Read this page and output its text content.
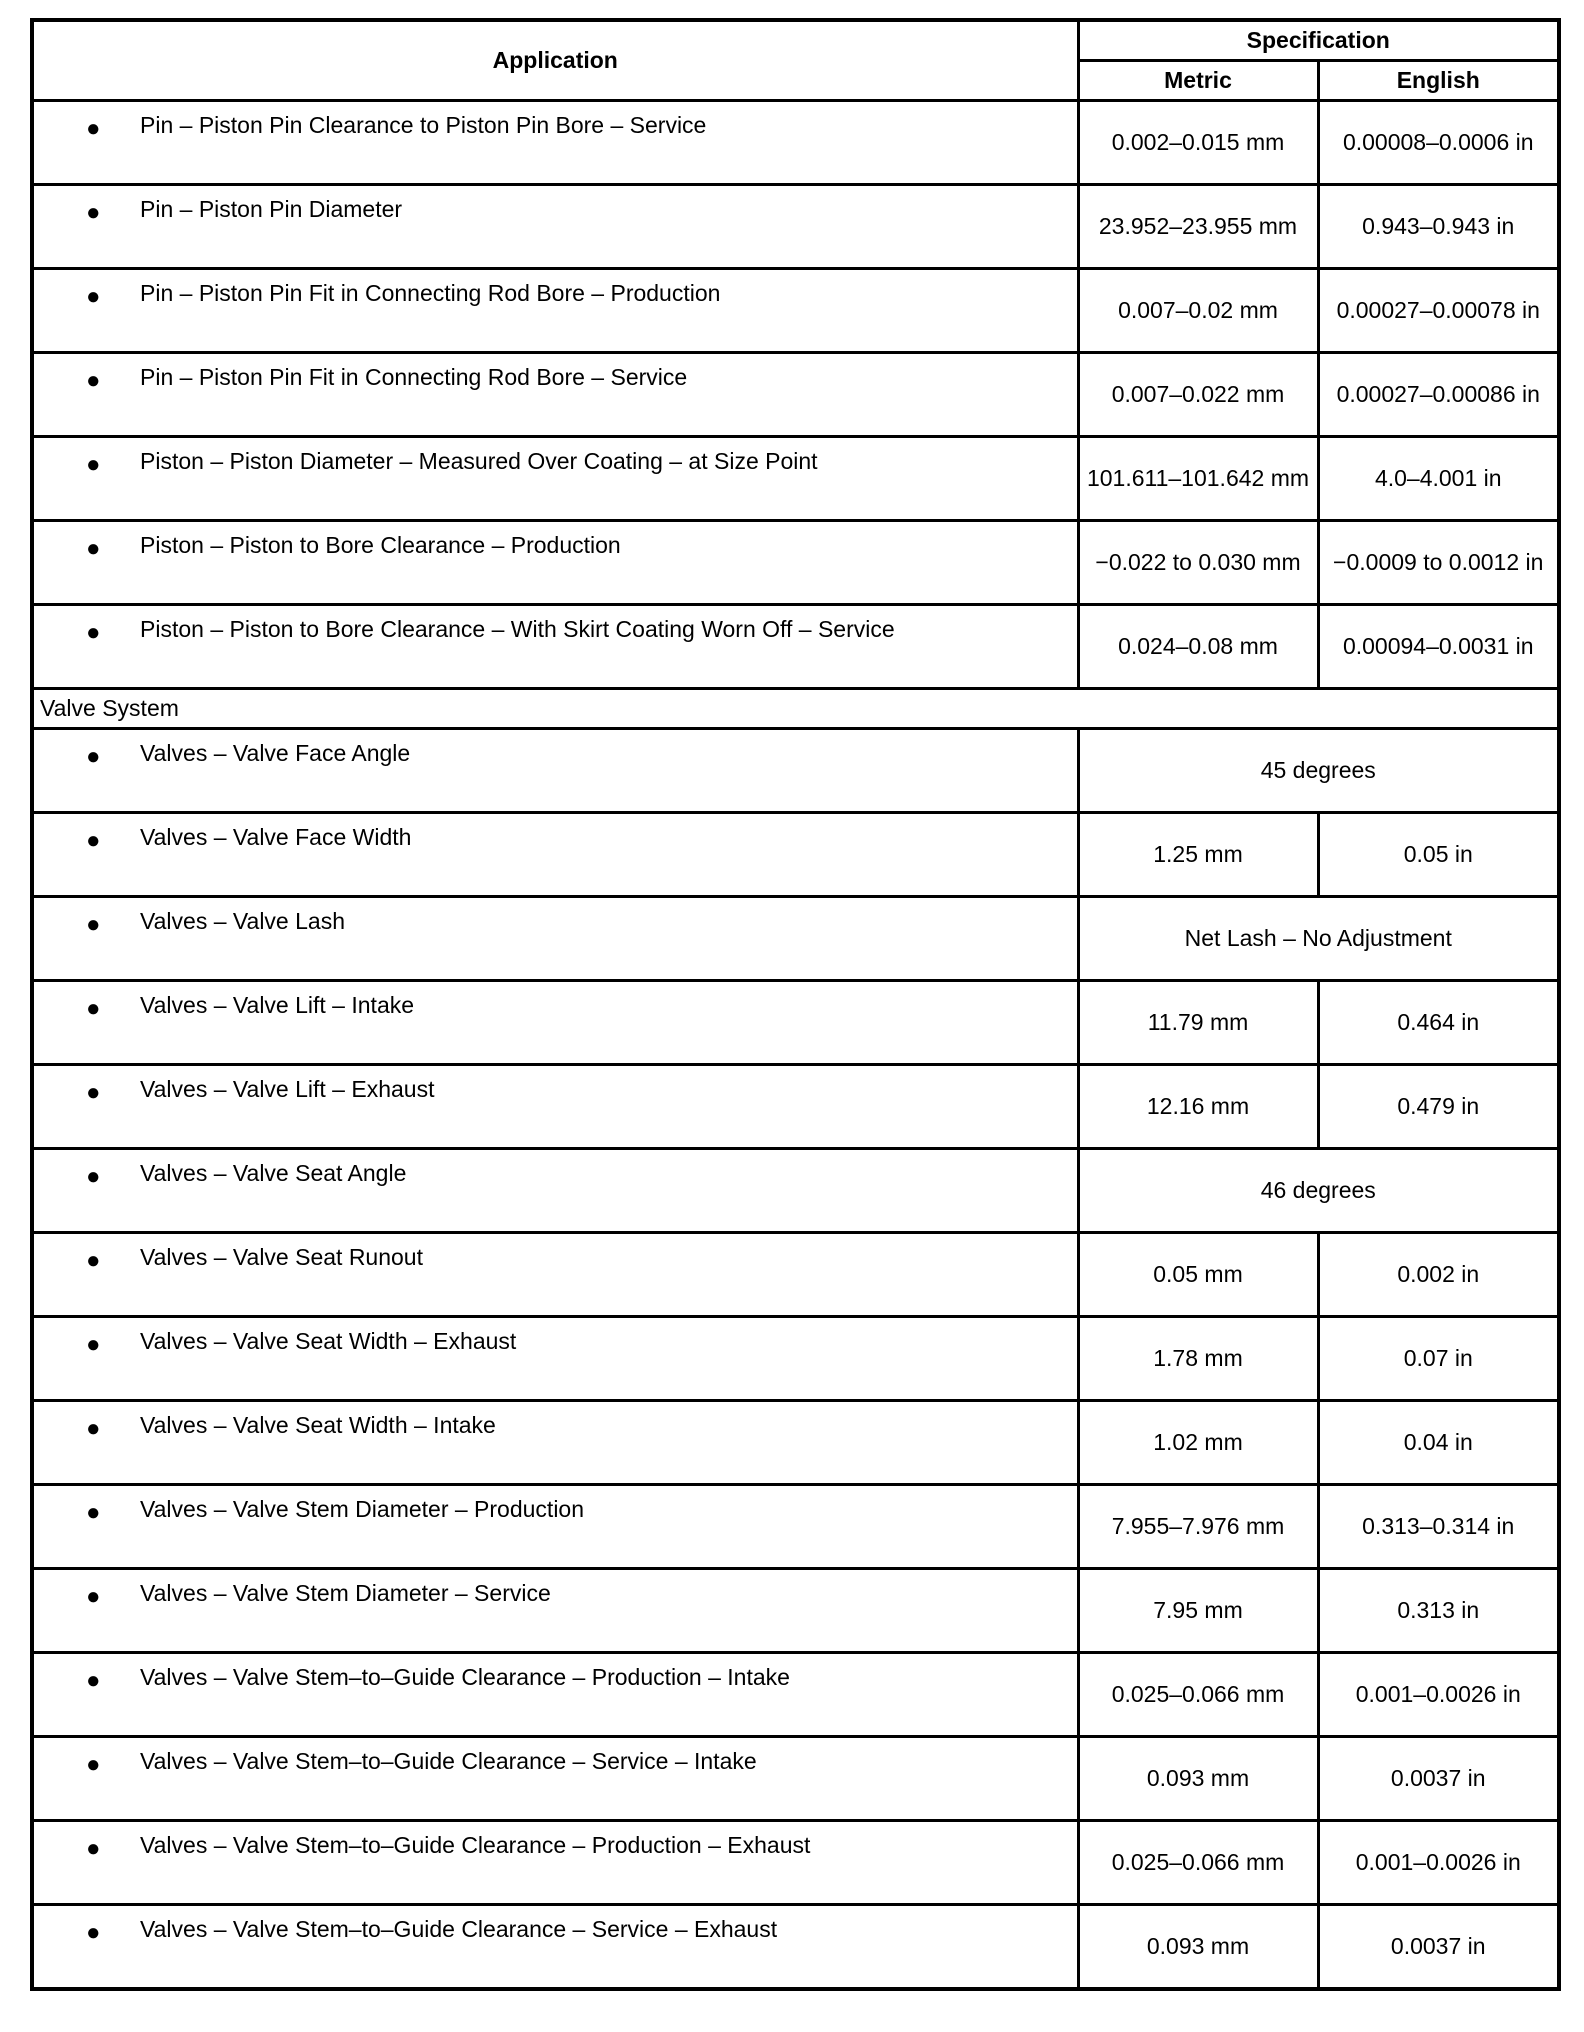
Application	Specification	
	Metric	English

● Pin – Piston Pin Clearance to Piston Pin Bore – Service	0.002–0.015 mm	0.00008–0.0006 in

● Pin – Piston Pin Diameter	23.952–23.955 mm	0.943–0.943 in

● Pin – Piston Pin Fit in Connecting Rod Bore – Production	0.007–0.02 mm	0.00027–0.00078 in

● Pin – Piston Pin Fit in Connecting Rod Bore – Service	0.007–0.022 mm	0.00027–0.00086 in

● Piston – Piston Diameter – Measured Over Coating – at Size Point	101.611–101.642 mm	4.0–4.001 in

● Piston – Piston to Bore Clearance – Production	−0.022 to 0.030 mm	−0.0009 to 0.0012 in

● Piston – Piston to Bore Clearance – With Skirt Coating Worn Off – Service	0.024–0.08 mm	0.00094–0.0031 in
Valve System		

● Valves – Valve Face Angle	45 degrees	

● Valves – Valve Face Width	1.25 mm	0.05 in

● Valves – Valve Lash	Net Lash – No Adjustment	

● Valves – Valve Lift – Intake	11.79 mm	0.464 in

● Valves – Valve Lift – Exhaust	12.16 mm	0.479 in

● Valves – Valve Seat Angle	46 degrees	

● Valves – Valve Seat Runout	0.05 mm	0.002 in

● Valves – Valve Seat Width – Exhaust	1.78 mm	0.07 in

● Valves – Valve Seat Width – Intake	1.02 mm	0.04 in

● Valves – Valve Stem Diameter – Production	7.955–7.976 mm	0.313–0.314 in

● Valves – Valve Stem Diameter – Service	7.95 mm	0.313 in

● Valves – Valve Stem–to–Guide Clearance – Production – Intake	0.025–0.066 mm	0.001–0.0026 in

● Valves – Valve Stem–to–Guide Clearance – Service – Intake	0.093 mm	0.0037 in

● Valves – Valve Stem–to–Guide Clearance – Production – Exhaust	0.025–0.066 mm	0.001–0.0026 in

● Valves – Valve Stem–to–Guide Clearance – Service – Exhaust	0.093 mm	0.0037 in
